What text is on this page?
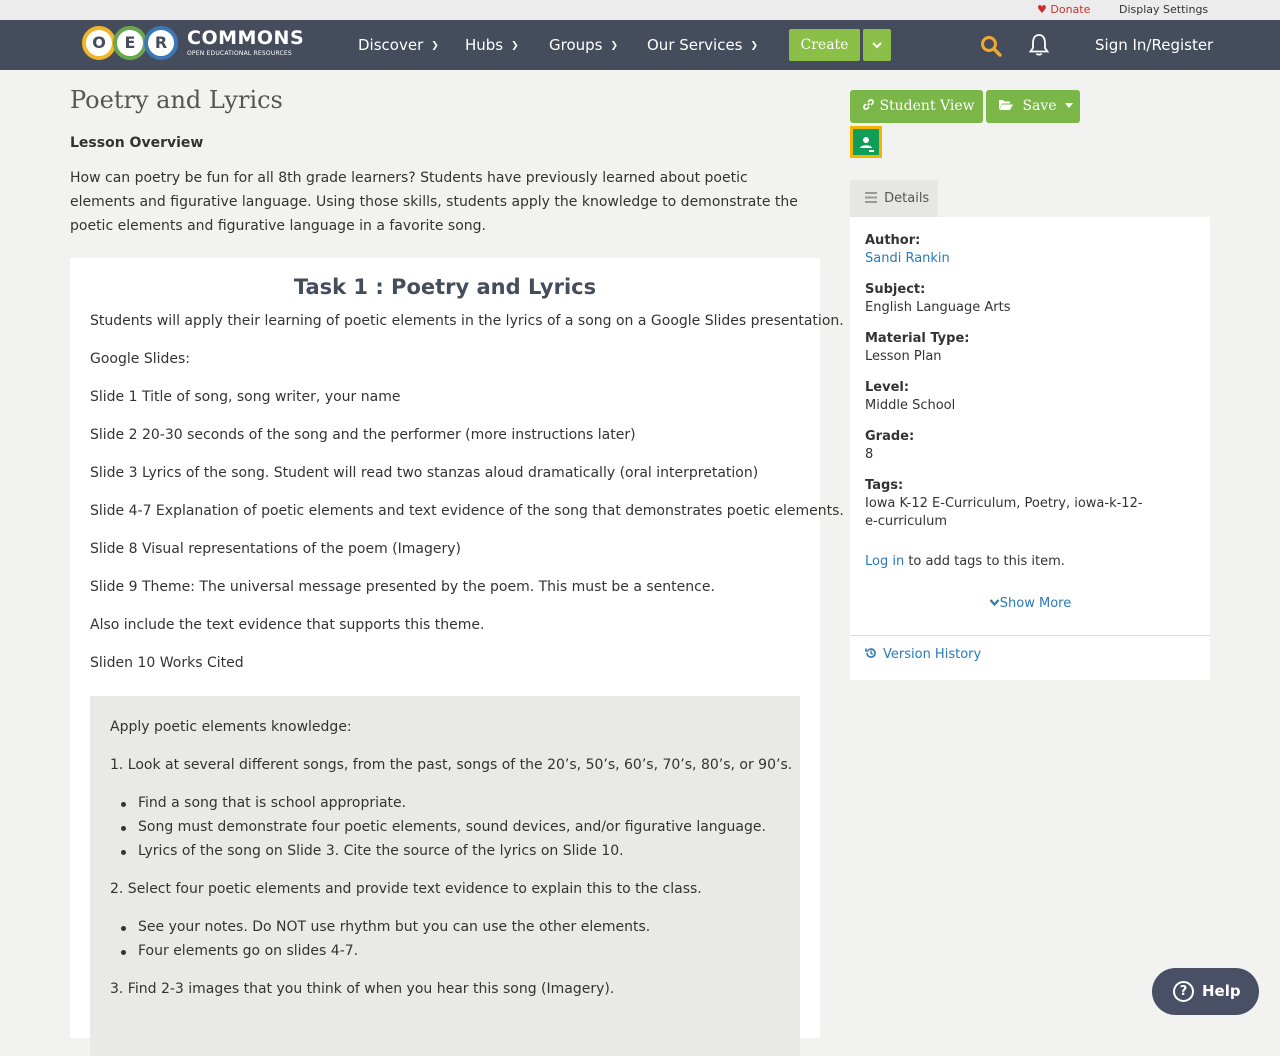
♥ Donate	Display Settings
O	E	R	COMMONS
OPEN EDUCATIONAL RESOURCES	Discover ❯ Hubs ❯ Groups ❯ Our Services ❯	Create	Sign In/Register
Poetry and Lyrics
Lesson Overview
How can poetry be fun for all 8th grade learners? Students have previously learned about poetic elements and figurative language. Using those skills, students apply the knowledge to demonstrate the poetic elements and figurative language in a favorite song.
Task 1 : Poetry and Lyrics
Students will apply their learning of poetic elements in the lyrics of a song on a Google Slides presentation.
Google Slides:
Slide 1 Title of song, song writer, your name
Slide 2 20-30 seconds of the song and the performer (more instructions later)
Slide 3 Lyrics of the song. Student will read two stanzas aloud dramatically (oral interpretation)
Slide 4-7 Explanation of poetic elements and text evidence of the song that demonstrates poetic elements.
Slide 8 Visual representations of the poem (Imagery)
Slide 9 Theme: The universal message presented by the poem. This must be a sentence.
Also include the text evidence that supports this theme.
Sliden 10 Works Cited
Apply poetic elements knowledge:
1. Look at several different songs, from the past, songs of the 20’s, 50’s, 60’s, 70’s, 80’s, or 90’s.
Find a song that is school appropriate.
Song must demonstrate four poetic elements, sound devices, and/or figurative language.
Lyrics of the song on Slide 3. Cite the source of the lyrics on Slide 10.
2. Select four poetic elements and provide text evidence to explain this to the class.
See your notes. Do NOT use rhythm but you can use the other elements.
Four elements go on slides 4-7.
3. Find 2-3 images that you think of when you hear this song (Imagery).
Student View	Save
Details
Author:
Sandi Rankin
Subject:
English Language Arts
Material Type:
Lesson Plan
Level:
Middle School
Grade:
8
Tags:
Iowa K-12 E-Curriculum, Poetry, iowa-k-12-e-curriculum
Log in to add tags to this item.
Show More
Version History
? Help
